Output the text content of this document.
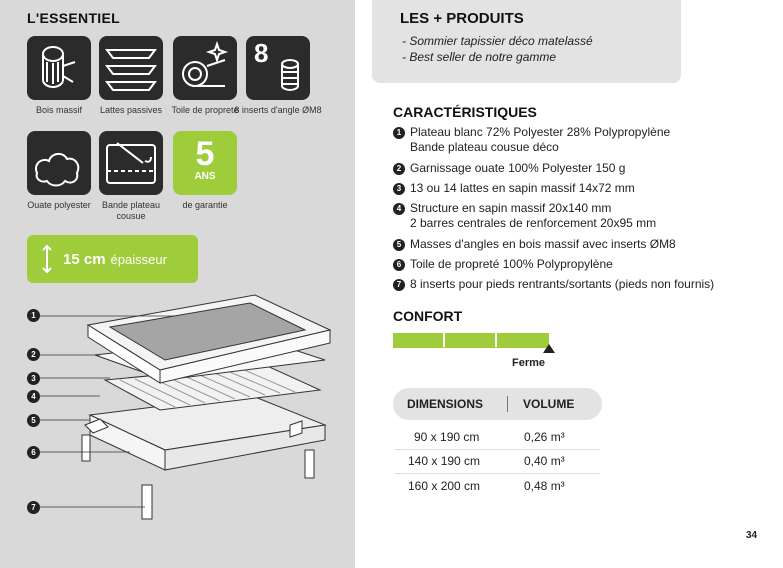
L'ESSENTIEL
8
Bois massif	Lattes passives	Toile de propreté
8 inserts d'angle ØM8
5
ANS
Ouate polyester	Bande plateau cousue
de garantie
15 cm épaisseur
1
2
3
4
5
6
7
LES + PRODUITS
- Sommier tapissier déco matelassé
- Best seller de notre gamme
CARACTÉRISTIQUES
1 Plateau blanc 72% Polyester 28% Polypropylène
Bande plateau cousue déco
2 Garnissage ouate 100% Polyester 150 g
3 13 ou 14 lattes en sapin massif 14x72 mm
4 Structure en sapin massif 20x140 mm
2 barres centrales de renforcement 20x95 mm
5 Masses d'angles en bois massif avec inserts ØM8
6 Toile de propreté 100% Polypropylène
7 8 inserts pour pieds rentrants/sortants (pieds non fournis)
CONFORT
Ferme
DIMENSIONS	VOLUME
90 x 190 cm	0,26 m³
140 x 190 cm	0,40 m³
160 x 200 cm	0,48 m³
34
